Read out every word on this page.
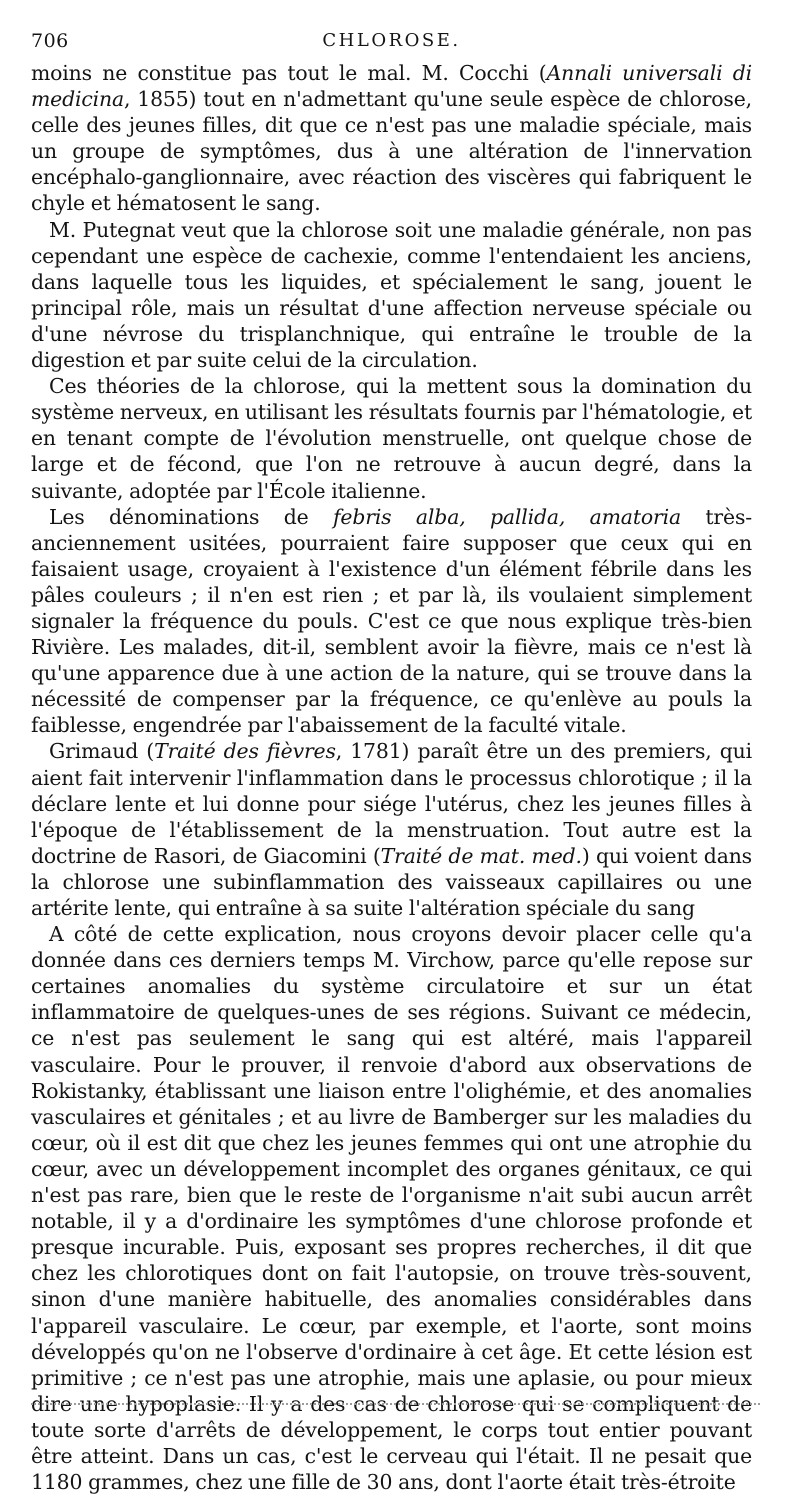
706	CHLOROSE.

moins ne constitue pas tout le mal. M. Cocchi (Annali universali di medicina, 1855) tout en n'admettant qu'une seule espèce de chlorose, celle des jeunes filles, dit que ce n'est pas une maladie spéciale, mais un groupe de symptômes, dus à une altération de l'innervation encéphalo-ganglionnaire, avec réaction des viscères qui fabriquent le chyle et hématosent le sang.

M. Putegnat veut que la chlorose soit une maladie générale, non pas cependant une espèce de cachexie, comme l'entendaient les anciens, dans laquelle tous les liquides, et spécialement le sang, jouent le principal rôle, mais un résultat d'une affection nerveuse spéciale ou d'une névrose du trisplanchnique, qui entraîne le trouble de la digestion et par suite celui de la circulation.

Ces théories de la chlorose, qui la mettent sous la domination du système nerveux, en utilisant les résultats fournis par l'hématologie, et en tenant compte de l'évolution menstruelle, ont quelque chose de large et de fécond, que l'on ne retrouve à aucun degré, dans la suivante, adoptée par l'École italienne.

Les dénominations de febris alba, pallida, amatoria très-anciennement usitées, pourraient faire supposer que ceux qui en faisaient usage, croyaient à l'existence d'un élément fébrile dans les pâles couleurs ; il n'en est rien ; et par là, ils voulaient simplement signaler la fréquence du pouls. C'est ce que nous explique très-bien Rivière. Les malades, dit-il, semblent avoir la fièvre, mais ce n'est là qu'une apparence due à une action de la nature, qui se trouve dans la nécessité de compenser par la fréquence, ce qu'enlève au pouls la faiblesse, engendrée par l'abaissement de la faculté vitale.

Grimaud (Traité des fièvres, 1781) paraît être un des premiers, qui aient fait intervenir l'inflammation dans le processus chlorotique ; il la déclare lente et lui donne pour siége l'utérus, chez les jeunes filles à l'époque de l'établissement de la menstruation. Tout autre est la doctrine de Rasori, de Giacomini (Traité de mat. med.) qui voient dans la chlorose une subinflammation des vaisseaux capillaires ou une artérite lente, qui entraîne à sa suite l'altération spéciale du sang

A côté de cette explication, nous croyons devoir placer celle qu'a donnée dans ces derniers temps M. Virchow, parce qu'elle repose sur certaines anomalies du système circulatoire et sur un état inflammatoire de quelques-unes de ses régions. Suivant ce médecin, ce n'est pas seulement le sang qui est altéré, mais l'appareil vasculaire. Pour le prouver, il renvoie d'abord aux observations de Rokistanky, établissant une liaison entre l'olighémie, et des anomalies vasculaires et génitales ; et au livre de Bamberger sur les maladies du cœur, où il est dit que chez les jeunes femmes qui ont une atrophie du cœur, avec un développement incomplet des organes génitaux, ce qui n'est pas rare, bien que le reste de l'organisme n'ait subi aucun arrêt notable, il y a d'ordinaire les symptômes d'une chlorose profonde et presque incurable. Puis, exposant ses propres recherches, il dit que chez les chlorotiques dont on fait l'autopsie, on trouve très-souvent, sinon d'une manière habituelle, des anomalies considérables dans l'appareil vasculaire. Le cœur, par exemple, et l'aorte, sont moins développés qu'on ne l'observe d'ordinaire à cet âge. Et cette lésion est primitive ; ce n'est pas une atrophie, mais une aplasie, ou pour mieux dire une hypoplasie. Il y a des cas de chlorose qui se compliquent de toute sorte d'arrêts de développement, le corps tout entier pouvant être atteint. Dans un cas, c'est le cerveau qui l'était. Il ne pesait que 1180 grammes, chez une fille de 30 ans, dont l'aorte était très-étroite
